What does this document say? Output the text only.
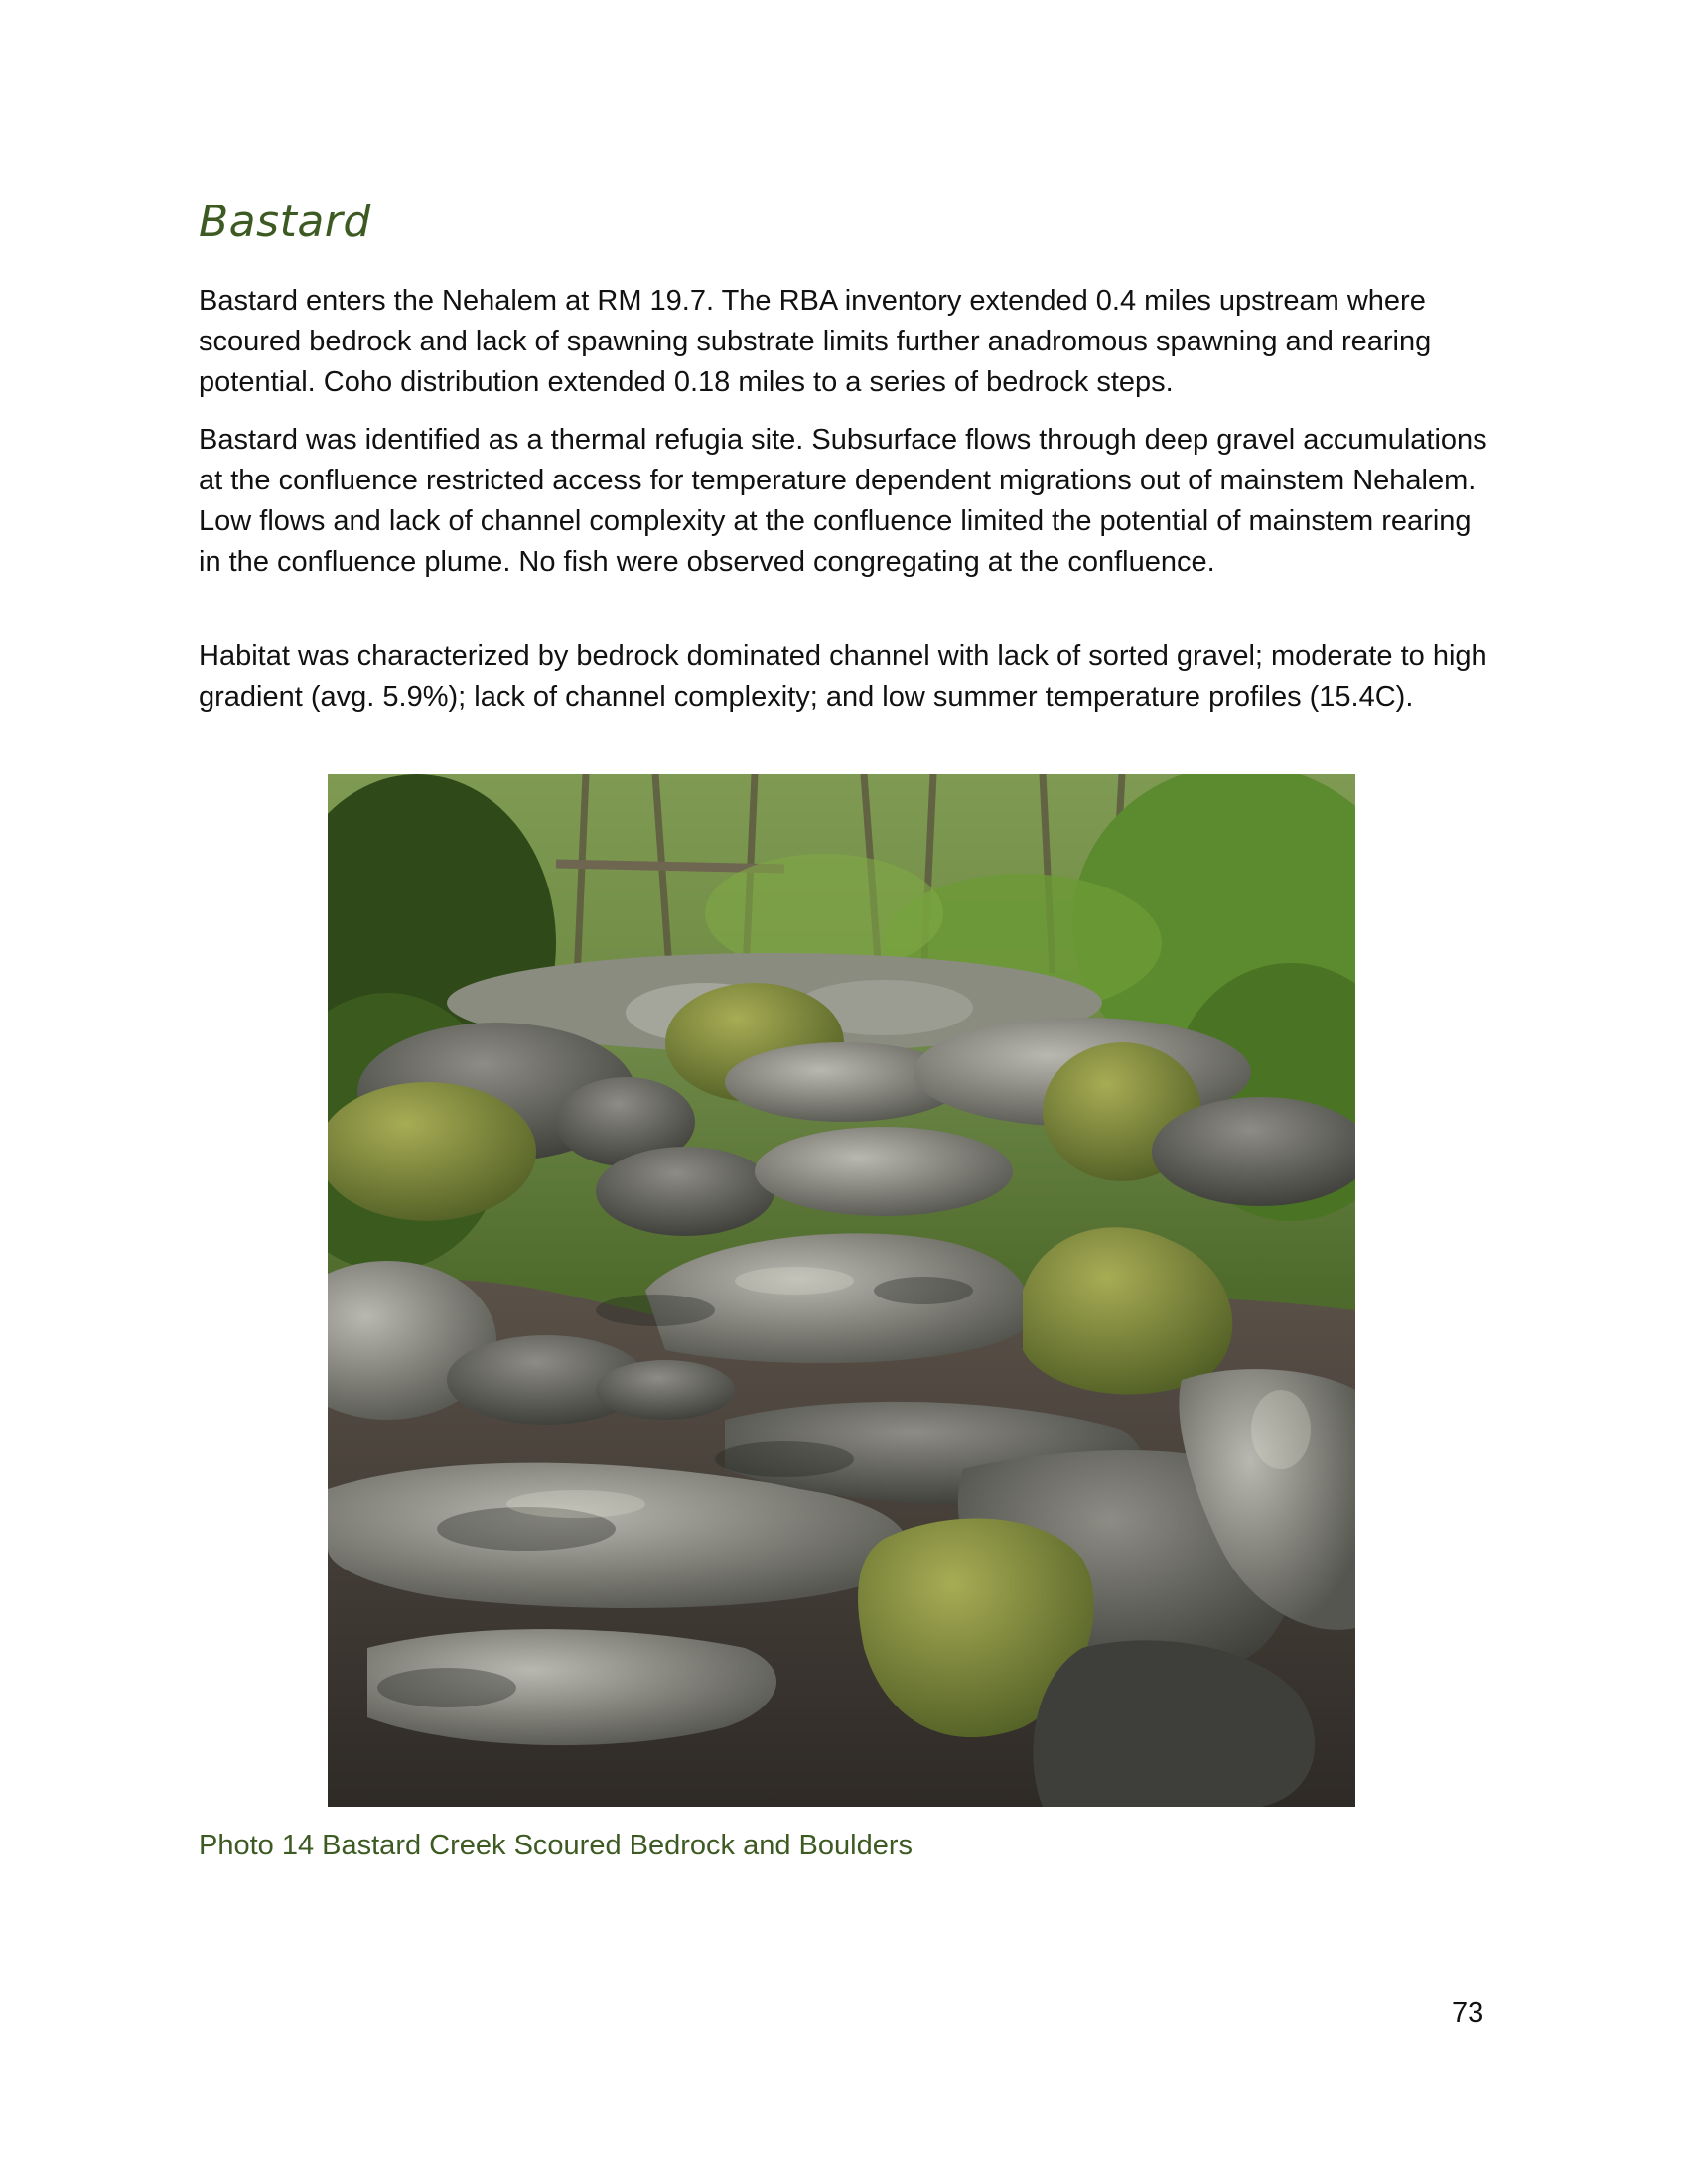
Bastard

Bastard enters the Nehalem at RM 19.7. The RBA inventory extended 0.4 miles upstream where scoured bedrock and lack of spawning substrate limits further anadromous spawning and rearing potential. Coho distribution extended 0.18 miles to a series of bedrock steps.

Bastard was identified as a thermal refugia site. Subsurface flows through deep gravel accumulations at the confluence restricted access for temperature dependent migrations out of mainstem Nehalem. Low flows and lack of channel complexity at the confluence limited the potential of mainstem rearing in the confluence plume. No fish were observed congregating at the confluence.

Habitat was characterized by bedrock dominated channel with lack of sorted gravel; moderate to high gradient (avg. 5.9%); lack of channel complexity; and low summer temperature profiles (15.4C).

Photo 14 Bastard Creek Scoured Bedrock and Boulders

73
